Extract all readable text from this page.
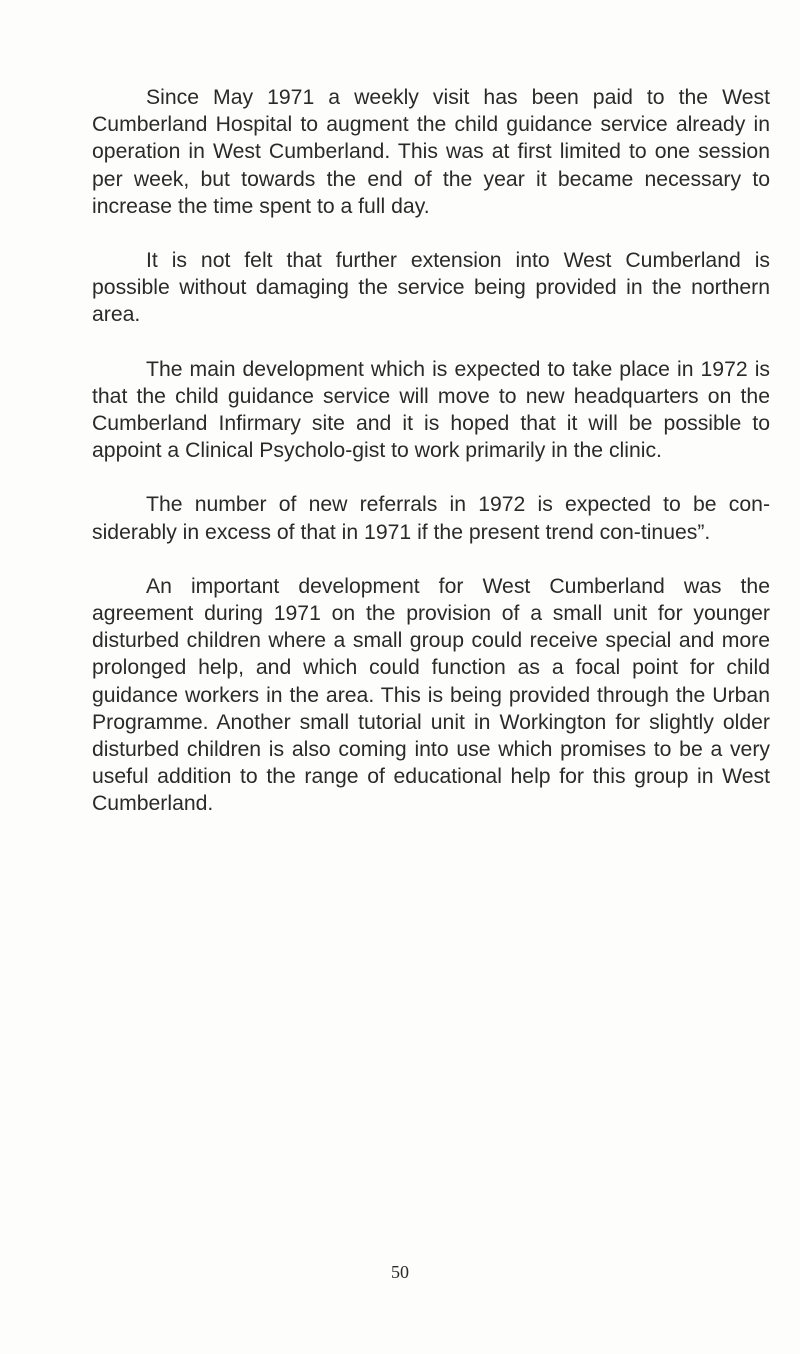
Since May 1971 a weekly visit has been paid to the West Cumberland Hospital to augment the child guidance service already in operation in West Cumberland. This was at first limited to one session per week, but towards the end of the year it became necessary to increase the time spent to a full day.

It is not felt that further extension into West Cumberland is possible without damaging the service being provided in the northern area.

The main development which is expected to take place in 1972 is that the child guidance service will move to new headquarters on the Cumberland Infirmary site and it is hoped that it will be possible to appoint a Clinical Psycholo-gist to work primarily in the clinic.

The number of new referrals in 1972 is expected to be con-siderably in excess of that in 1971 if the present trend con-tinues”.

An important development for West Cumberland was the agreement during 1971 on the provision of a small unit for younger disturbed children where a small group could receive special and more prolonged help, and which could function as a focal point for child guidance workers in the area. This is being provided through the Urban Programme. Another small tutorial unit in Workington for slightly older disturbed children is also coming into use which promises to be a very useful addition to the range of educational help for this group in West Cumberland.

50
